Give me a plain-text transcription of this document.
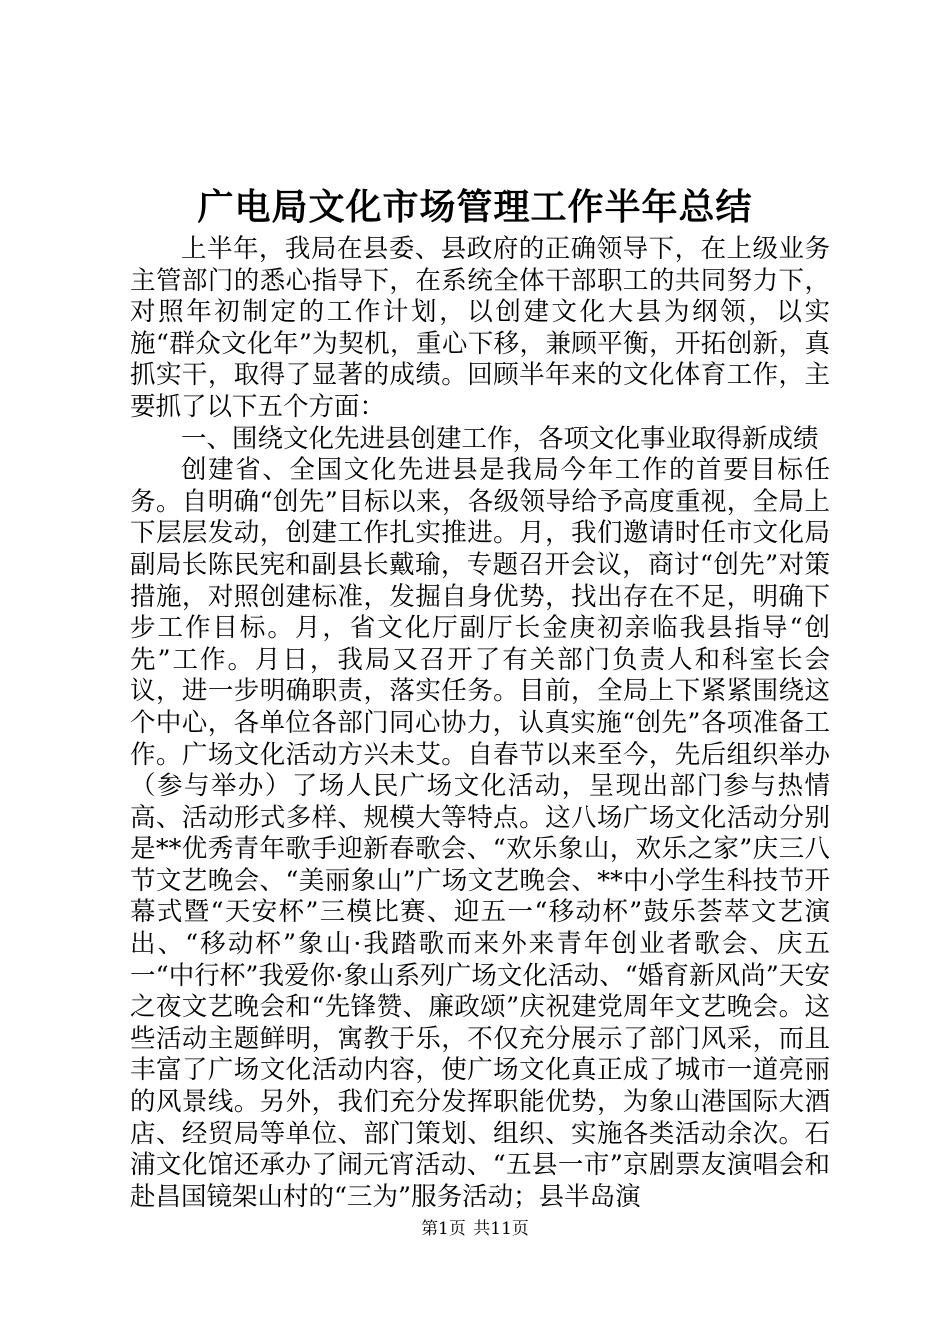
广电局文化市场管理工作半年总结

上半年，我局在县委、县政府的正确领导下，在上级业务主管部门的悉心指导下，在系统全体干部职工的共同努力下，对照年初制定的工作计划，以创建文化大县为纲领，以实施“群众文化年”为契机，重心下移，兼顾平衡，开拓创新，真抓实干，取得了显著的成绩。回顾半年来的文化体育工作，主要抓了以下五个方面：

一、围绕文化先进县创建工作，各项文化事业取得新成绩

创建省、全国文化先进县是我局今年工作的首要目标任务。自明确“创先”目标以来，各级领导给予高度重视，全局上下层层发动，创建工作扎实推进。月，我们邀请时任市文化局副局长陈民宪和副县长戴瑜，专题召开会议，商讨“创先”对策措施，对照创建标准，发掘自身优势，找出存在不足，明确下步工作目标。月，省文化厅副厅长金庚初亲临我县指导“创先”工作。月日，我局又召开了有关部门负责人和科室长会议，进一步明确职责，落实任务。目前，全局上下紧紧围绕这个中心，各单位各部门同心协力，认真实施“创先”各项准备工作。广场文化活动方兴未艾。自春节以来至今，先后组织举办（参与举办）了场人民广场文化活动，呈现出部门参与热情高、活动形式多样、规模大等特点。这八场广场文化活动分别是**优秀青年歌手迎新春歌会、“欢乐象山，欢乐之家”庆三八节文艺晚会、“美丽象山”广场文艺晚会、**中小学生科技节开幕式暨“天安杯”三模比赛、迎五一“移动杯”鼓乐荟萃文艺演出、“移动杯”象山·我踏歌而来外来青年创业者歌会、庆五一“中行杯”我爱你·象山系列广场文化活动、“婚育新风尚”天安之夜文艺晚会和“先锋赞、廉政颂”庆祝建党周年文艺晚会。这些活动主题鲜明，寓教于乐，不仅充分展示了部门风采，而且丰富了广场文化活动内容，使广场文化真正成了城市一道亮丽的风景线。另外，我们充分发挥职能优势，为象山港国际大酒店、经贸局等单位、部门策划、组织、实施各类活动余次。石浦文化馆还承办了闹元宵活动、“五县一市”京剧票友演唱会和赴昌国镜架山村的“三为”服务活动；县半岛演

第1页 共11页
